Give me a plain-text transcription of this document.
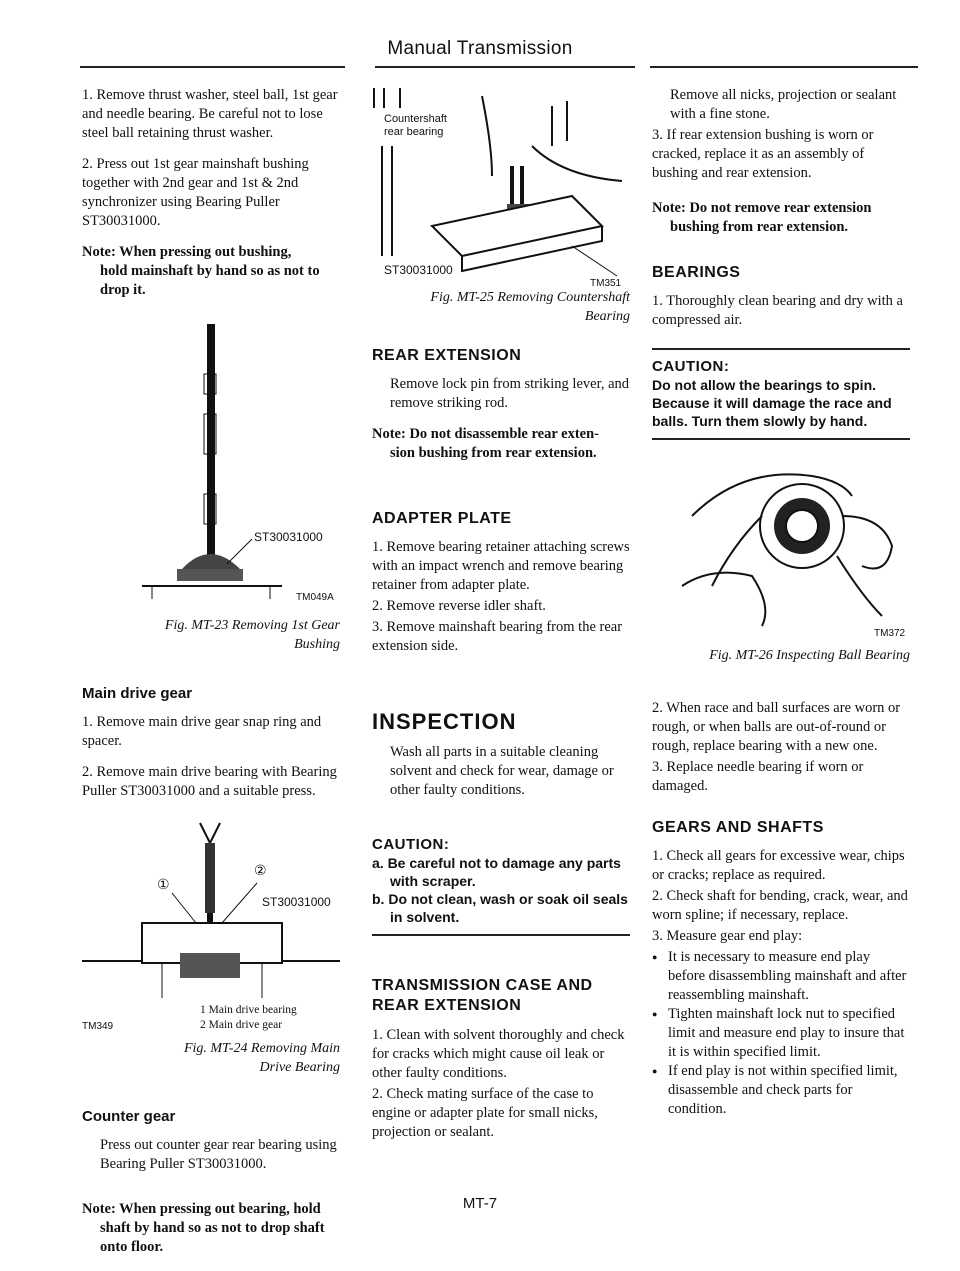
Manual Transmission

1. Remove thrust washer, steel ball, 1st gear and needle bearing. Be careful not to lose steel ball retaining thrust washer.

2. Press out 1st gear mainshaft bushing together with 2nd gear and 1st & 2nd synchronizer using Bearing Puller ST30031000.

Note: When pressing out bushing,
hold mainshaft by hand so as not to drop it.
ST30031000
TM049A
Fig. MT-23 Removing 1st Gear
Bushing
Main drive gear

1. Remove main drive gear snap ring and spacer.

2. Remove main drive bearing with Bearing Puller ST30031000 and a suitable press.

①
②
ST30031000
TM349
1 Main drive bearing
2 Main drive gear
Fig. MT-24 Removing Main
Drive Bearing
Counter gear

Press out counter gear rear bearing using Bearing Puller ST30031000.

Note: When pressing out bearing, hold
shaft by hand so as not to drop shaft onto floor.
Countershaft
rear bearing
ST30031000
TM351
Fig. MT-25 Removing Countershaft
Bearing
REAR EXTENSION

Remove lock pin from striking lever, and remove striking rod.

Note: Do not disassemble rear exten-
sion bushing from rear extension.
ADAPTER PLATE

1. Remove bearing retainer attaching screws with an impact wrench and remove bearing retainer from adapter plate.

2. Remove reverse idler shaft.

3. Remove mainshaft bearing from the rear extension side.

INSPECTION

Wash all parts in a suitable cleaning solvent and check for wear, damage or other faulty conditions.

CAUTION:
a. Be careful not to damage any parts
with scraper.
b. Do not clean, wash or soak oil seals
in solvent.
TRANSMISSION CASE AND REAR EXTENSION

1. Clean with solvent thoroughly and check for cracks which might cause oil leak or other faulty conditions.

2. Check mating surface of the case to engine or adapter plate for small nicks, projection or sealant.

Remove all nicks, projection or sealant with a fine stone.

3. If rear extension bushing is worn or cracked, replace it as an assembly of bushing and rear extension.

Note: Do not remove rear extension
bushing from rear extension.
BEARINGS

1. Thoroughly clean bearing and dry with a compressed air.

CAUTION:
Do not allow the bearings to spin. Because it will damage the race and balls. Turn them slowly by hand.
TM372
Fig. MT-26 Inspecting Ball Bearing

2. When race and ball surfaces are worn or rough, or when balls are out-of-round or rough, replace bearing with a new one.

3. Replace needle bearing if worn or damaged.

GEARS AND SHAFTS

1. Check all gears for excessive wear, chips or cracks; replace as required.

2. Check shaft for bending, crack, wear, and worn spline; if necessary, replace.

3. Measure gear end play:

● It is necessary to measure end play before disassembling mainshaft and after reassembling mainshaft.
● Tighten mainshaft lock nut to specified limit and measure end play to insure that it is within specified limit.
● If end play is not within specified limit, disassemble and check parts for condition.
MT-7
